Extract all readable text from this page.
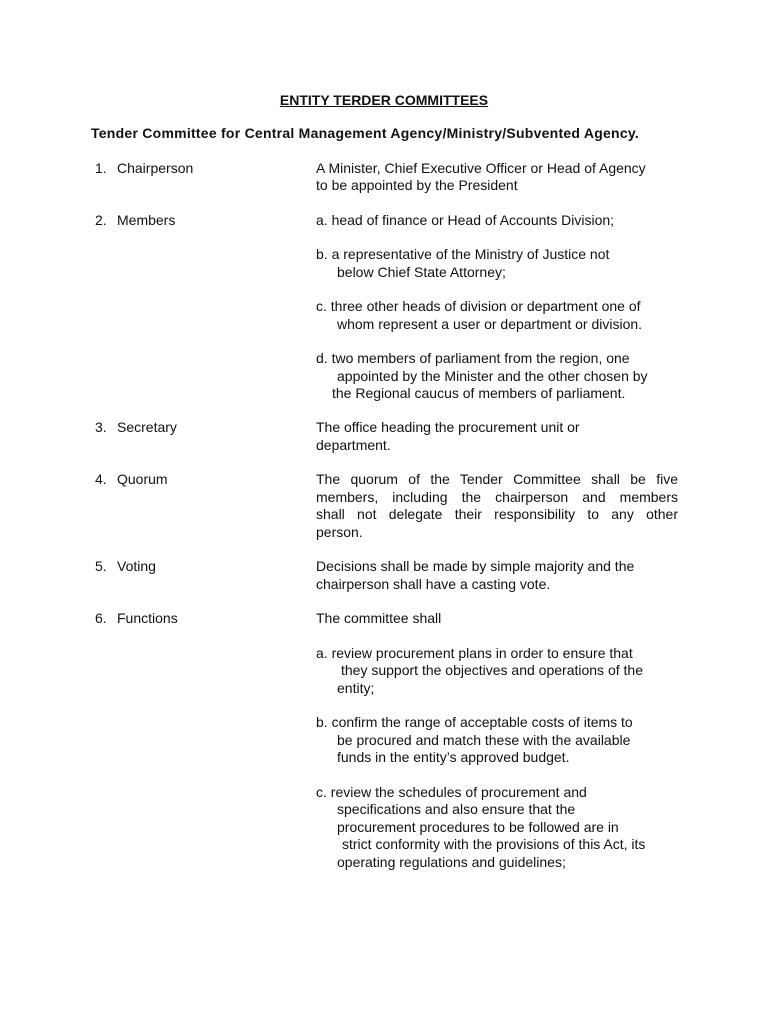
ENTITY TERDER COMMITTEES

Tender Committee for Central Management Agency/Ministry/Subvented Agency.

1. Chairperson	A Minister, Chief Executive Officer or Head of Agency

to be appointed by the President

2. Members	a. head of finance or Head of Accounts Division;

b. a representative of the Ministry of Justice not

below Chief State Attorney;

c. three other heads of division or department one of

whom represent a user or department or division.

d. two members of parliament from the region, one

appointed by the Minister and the other chosen by

the Regional caucus of members of parliament.

3. Secretary	The office heading the procurement unit or

department.

4. Quorum	The quorum of the Tender Committee shall be five
members, including the chairperson and members
shall not delegate their responsibility to any other
person.

5. Voting	Decisions shall be made by simple majority and the

chairperson shall have a casting vote.

6. Functions	The committee shall

a. review procurement plans in order to ensure that

they support the objectives and operations of the

entity;

b. confirm the range of acceptable costs of items to

be procured and match these with the available

funds in the entity’s approved budget.

c. review the schedules of procurement and

specifications and also ensure that the

procurement procedures to be followed are in

strict conformity with the provisions of this Act, its

operating regulations and guidelines;
